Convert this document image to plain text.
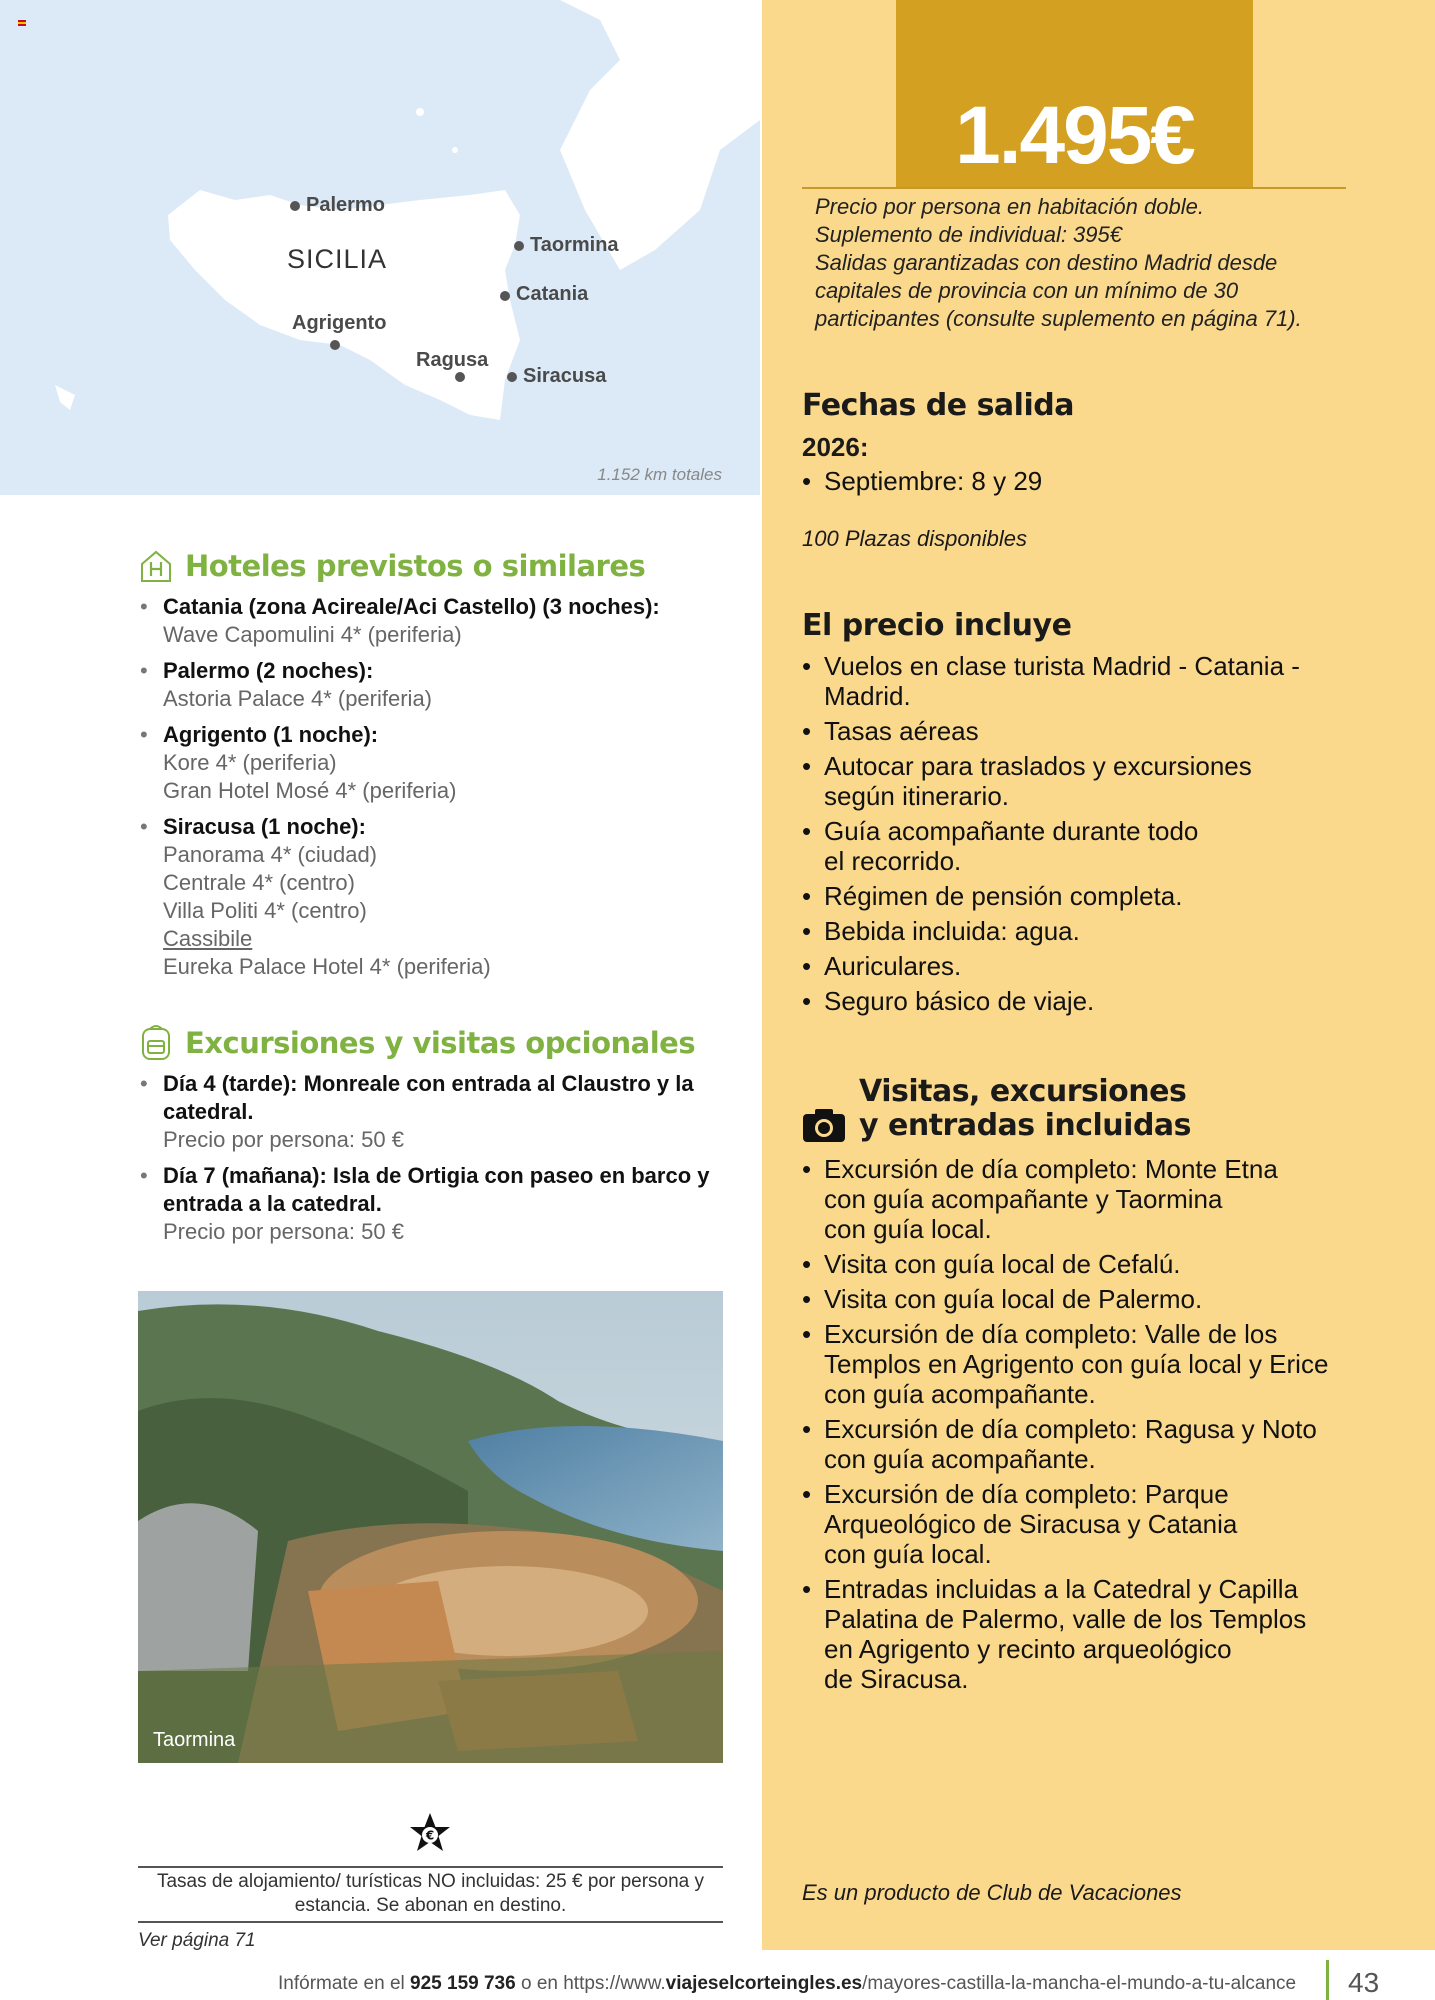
SICILIA
Palermo
Taormina
Catania
Agrigento
Ragusa
Siracusa
1.152 km totales
1.495€

Precio por persona en habitación doble.

Suplemento de individual: 395€

Salidas garantizadas con destino Madrid desde capitales de provincia con un mínimo de 30 participantes (consulte suplemento en página 71).

Fechas de salida
2026:
• Septiembre: 8 y 29
100 Plazas disponibles
El precio incluye
• Vuelos en clase turista Madrid - Catania -
Madrid.
• Tasas aéreas
• Autocar para traslados y excursiones
según itinerario.
• Guía acompañante durante todo
el recorrido.
• Régimen de pensión completa.
• Bebida incluida: agua.
• Auriculares.
• Seguro básico de viaje.
Visitas, excursiones
y entradas incluidas
• Excursión de día completo: Monte Etna
con guía acompañante y Taormina
con guía local.
• Visita con guía local de Cefalú.
• Visita con guía local de Palermo.
• Excursión de día completo: Valle de los
Templos en Agrigento con guía local y Erice
con guía acompañante.
• Excursión de día completo: Ragusa y Noto
con guía acompañante.
• Excursión de día completo: Parque
Arqueológico de Siracusa y Catania
con guía local.
• Entradas incluidas a la Catedral y Capilla
Palatina de Palermo, valle de los Templos
en Agrigento y recinto arqueológico
de Siracusa.
Es un producto de Club de Vacaciones
Hoteles previstos o similares
• Catania (zona Acireale/Aci Castello) (3 noches):
Wave Capomulini 4* (periferia)
• Palermo (2 noches):
Astoria Palace 4* (periferia)
• Agrigento (1 noche):
Kore 4* (periferia)
Gran Hotel Mosé 4* (periferia)
• Siracusa (1 noche):
Panorama 4* (ciudad)
Centrale 4* (centro)
Villa Politi 4* (centro)
Cassibile
Eureka Palace Hotel 4* (periferia)
Excursiones y visitas opcionales
• Día 4 (tarde): Monreale con entrada al Claustro y la catedral.
Precio por persona: 50 €
• Día 7 (mañana): Isla de Ortigia con paseo en barco y entrada a la catedral.
Precio por persona: 50 €
Taormina
€
Tasas de alojamiento/ turísticas NO incluidas: 25 € por persona y estancia. Se abonan en destino.
Ver página 71
Infórmate en el 925 159 736 o en https://www.viajeselcorteingles.es/mayores-castilla-la-mancha-el-mundo-a-tu-alcance 43
